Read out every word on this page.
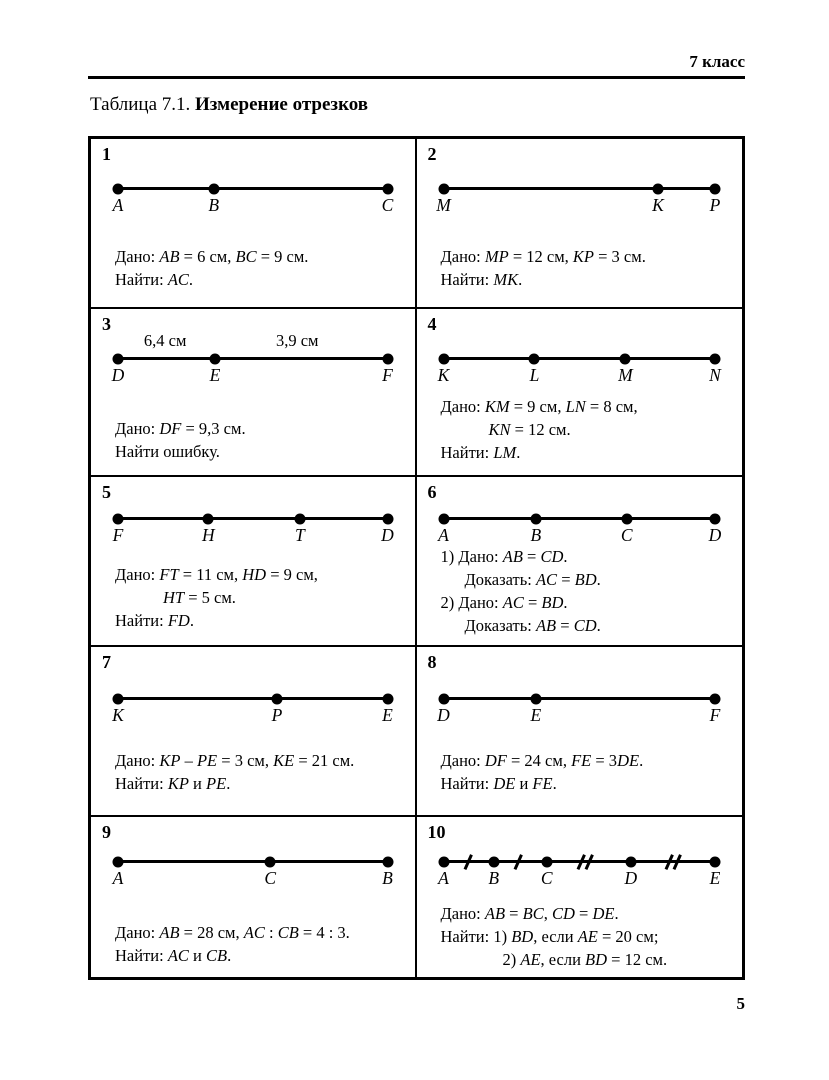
7 класс
Таблица 7.1. Измерение отрезков
1
A	B	C
Дано: AB = 6 см, BC = 9 см.
Найти: AC.
2
M	K	P
Дано: MP = 12 см, KP = 3 см.
Найти: MK.
3
D	E	F
6,4 см	3,9 см
Дано: DF = 9,3 см.
Найти ошибку.
4
K	L	M	N
Дано: KM = 9 см, LN = 8 см,
KN = 12 см.
Найти: LM.
5
F	H	T	D
Дано: FT = 11 см, HD = 9 см,
HT = 5 см.
Найти: FD.
6
A	B	C	D
1) Дано: AB = CD.
Доказать: AC = BD.
2) Дано: AC = BD.
Доказать: AB = CD.
7
K	P	E
Дано: KP – PE = 3 см, KE = 21 см.
Найти: KP и PE.
8
D	E	F
Дано: DF = 24 см, FE = 3DE.
Найти: DE и FE.
9
A	C	B
Дано: AB = 28 см, AC : CB = 4 : 3.
Найти: AC и CB.
10
A B C	D	E
Дано: AB = BC, CD = DE.
Найти: 1) BD, если AE = 20 см;
2) AE, если BD = 12 см.
5
